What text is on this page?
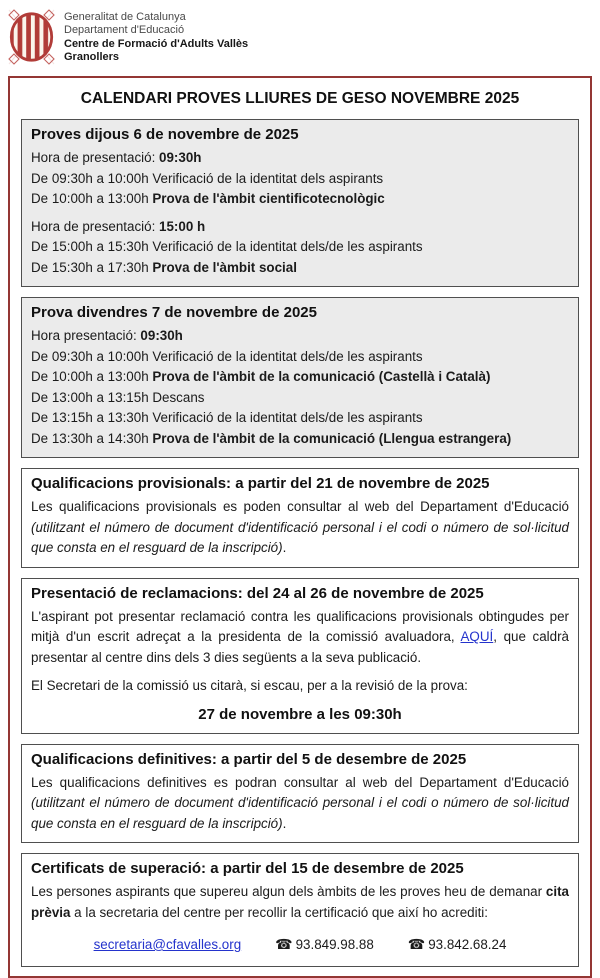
Generalitat de Catalunya
Departament d'Educació
Centre de Formació d'Adults Vallès
Granollers
CALENDARI PROVES LLIURES DE GESO NOVEMBRE 2025
Proves dijous 6 de novembre de 2025
Hora de presentació: 09:30h
De 09:30h a 10:00h Verificació de la identitat dels aspirants
De 10:00h a 13:00h Prova de l'àmbit cientificotecnològic
Hora de presentació: 15:00 h
De 15:00h a 15:30h Verificació de la identitat dels/de les aspirants
De 15:30h a 17:30h Prova de l'àmbit social
Prova divendres 7 de novembre de 2025
Hora presentació: 09:30h
De 09:30h a 10:00h Verificació de la identitat dels/de les aspirants
De 10:00h a 13:00h Prova de l'àmbit de la comunicació (Castellà i Català)
De 13:00h a 13:15h Descans
De 13:15h a 13:30h Verificació de la identitat dels/de les aspirants
De 13:30h a 14:30h Prova de l'àmbit de la comunicació (Llengua estrangera)
Qualificacions provisionals: a partir del 21 de novembre de 2025

Les qualificacions provisionals es poden consultar al web del Departament d'Educació (utilitzant el número de document d'identificació personal i el codi o número de sol·licitud que consta en el resguard de la inscripció).

Presentació de reclamacions: del 24 al 26 de novembre de 2025

L'aspirant pot presentar reclamació contra les qualificacions provisionals obtingudes per mitjà d'un escrit adreçat a la presidenta de la comissió avaluadora, AQUÍ, que caldrà presentar al centre dins dels 3 dies següents a la seva publicació.

El Secretari de la comissió us citarà, si escau, per a la revisió de la prova:

27 de novembre a les 09:30h
Qualificacions definitives: a partir del 5 de desembre de 2025

Les qualificacions definitives es podran consultar al web del Departament d'Educació (utilitzant el número de document d'identificació personal i el codi o número de sol·licitud que consta en el resguard de la inscripció).

Certificats de superació: a partir del 15 de desembre de 2025

Les persones aspirants que supereu algun dels àmbits de les proves heu de demanar cita prèvia a la secretaria del centre per recollir la certificació que així ho acrediti:

secretaria@cfavalles.org ☎ 93.849.98.88 ☎ 93.842.68.24
